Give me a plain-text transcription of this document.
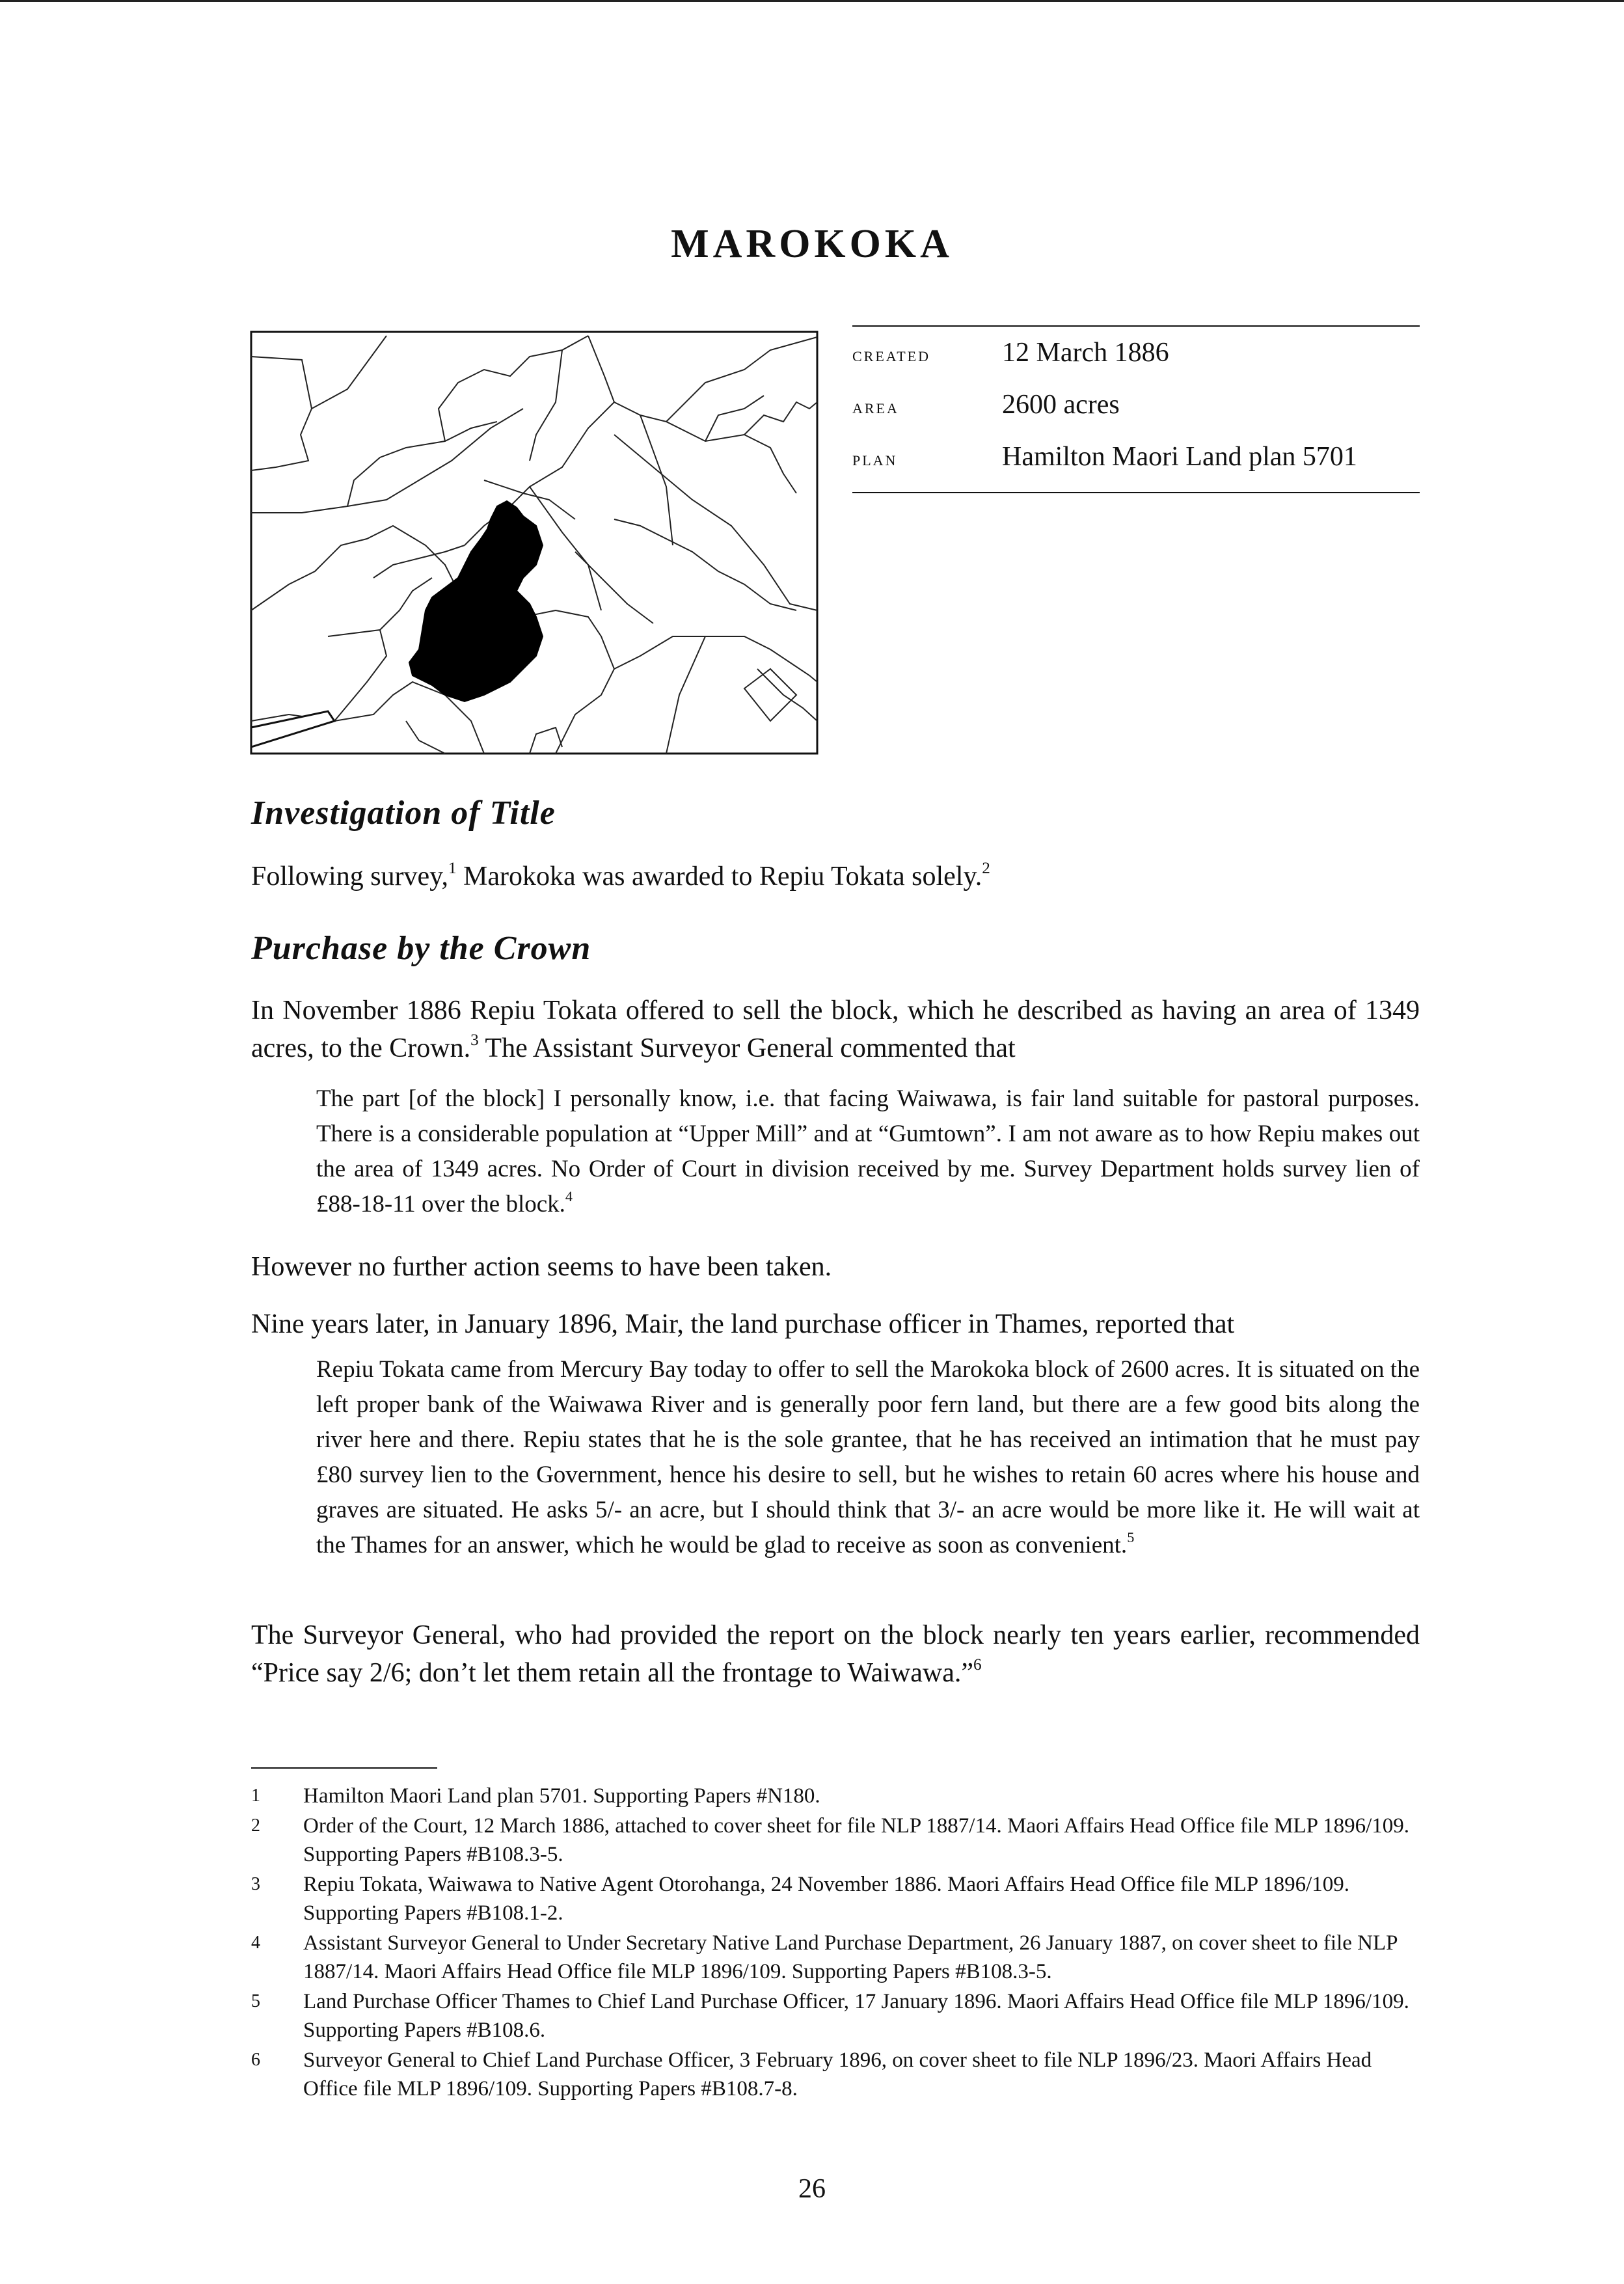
MAROKOKA
created	12 March 1886
area	2600 acres
plan	Hamilton Maori Land plan 5701
Investigation of Title
Following survey,$^1$ Marokoka was awarded to Repiu Tokata solely.$^2$
Purchase by the Crown
In November 1886 Repiu Tokata offered to sell the block, which he described as having an area of 1349 acres, to the Crown.$^3$ The Assistant Surveyor General commented that
The part [of the block] I personally know, i.e. that facing Waiwawa, is fair land suitable for pastoral purposes. There is a considerable population at “Upper Mill” and at “Gumtown”. I am not aware as to how Repiu makes out the area of 1349 acres. No Order of Court in division received by me. Survey Department holds survey lien of £88-18-11 over the block.$^4$
However no further action seems to have been taken.
Nine years later, in January 1896, Mair, the land purchase officer in Thames, reported that
Repiu Tokata came from Mercury Bay today to offer to sell the Marokoka block of 2600 acres. It is situated on the left proper bank of the Waiwawa River and is generally poor fern land, but there are a few good bits along the river here and there. Repiu states that he is the sole grantee, that he has received an intimation that he must pay £80 survey lien to the Government, hence his desire to sell, but he wishes to retain 60 acres where his house and graves are situated. He asks 5/- an acre, but I should think that 3/- an acre would be more like it. He will wait at the Thames for an answer, which he would be glad to receive as soon as convenient.$^5$
The Surveyor General, who had provided the report on the block nearly ten years earlier, recommended “Price say 2/6; don’t let them retain all the frontage to Waiwawa.”$^6$
1	Hamilton Maori Land plan 5701. Supporting Papers #N180.
2	Order of the Court, 12 March 1886, attached to cover sheet for file NLP 1887/14. Maori Affairs Head Office file MLP 1896/109. Supporting Papers #B108.3-5.
3	Repiu Tokata, Waiwawa to Native Agent Otorohanga, 24 November 1886. Maori Affairs Head Office file MLP 1896/109. Supporting Papers #B108.1-2.
4	Assistant Surveyor General to Under Secretary Native Land Purchase Department, 26 January 1887, on cover sheet to file NLP 1887/14. Maori Affairs Head Office file MLP 1896/109. Supporting Papers #B108.3-5.
5	Land Purchase Officer Thames to Chief Land Purchase Officer, 17 January 1896. Maori Affairs Head Office file MLP 1896/109. Supporting Papers #B108.6.
6	Surveyor General to Chief Land Purchase Officer, 3 February 1896, on cover sheet to file NLP 1896/23. Maori Affairs Head Office file MLP 1896/109. Supporting Papers #B108.7-8.
26
